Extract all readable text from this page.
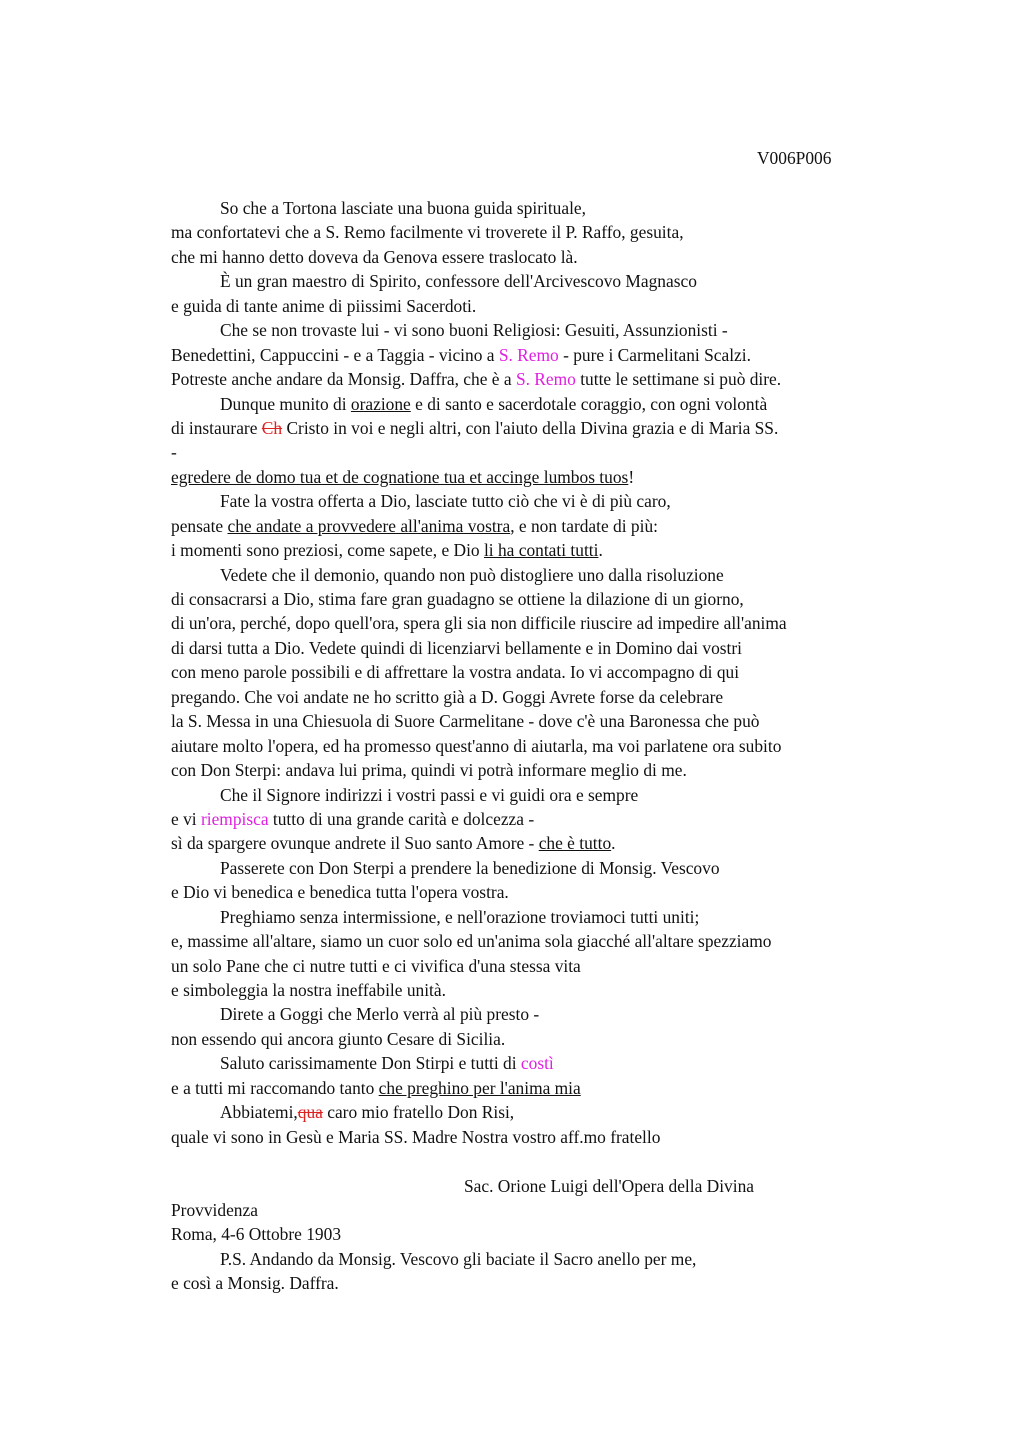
V006P006
So che a Tortona lasciate una buona guida spirituale,
ma confortatevi che a S. Remo facilmente vi troverete il P. Raffo, gesuita,
che mi hanno detto doveva da Genova essere traslocato là.
È un gran maestro di Spirito, confessore dell'Arcivescovo Magnasco
e guida di tante anime di piissimi Sacerdoti.
Che se non trovaste lui - vi sono buoni Religiosi: Gesuiti, Assunzionisti -
Benedettini, Cappuccini - e a Taggia - vicino a S. Remo - pure i Carmelitani Scalzi.
Potreste anche andare da Monsig. Daffra, che è a S. Remo tutte le settimane si può dire.
Dunque munito di orazione e di santo e sacerdotale coraggio, con ogni volontà
di instaurare Ch Cristo in voi e negli altri, con l'aiuto della Divina grazia e di Maria SS.
-
egredere de domo tua et de cognatione tua et accinge lumbos tuos!
Fate la vostra offerta a Dio, lasciate tutto ciò che vi è di più caro,
pensate che andate a provvedere all'anima vostra, e non tardate di più:
i momenti sono preziosi, come sapete, e Dio li ha contati tutti.
Vedete che il demonio, quando non può distogliere uno dalla risoluzione
di consacrarsi a Dio, stima fare gran guadagno se ottiene la dilazione di un giorno,
di un'ora, perché, dopo quell'ora, spera gli sia non difficile riuscire ad impedire all'anima
di darsi tutta a Dio. Vedete quindi di licenziarvi bellamente e in Domino dai vostri
con meno parole possibili e di affrettare la vostra andata. Io vi accompagno di qui
pregando. Che voi andate ne ho scritto già a D. Goggi Avrete forse da celebrare
la S. Messa in una Chiesuola di Suore Carmelitane - dove c'è una Baronessa che può
aiutare molto l'opera, ed ha promesso quest'anno di aiutarla, ma voi parlatene ora subito
con Don Sterpi: andava lui prima, quindi vi potrà informare meglio di me.
Che il Signore indirizzi i vostri passi e vi guidi ora e sempre
e vi riempisca tutto di una grande carità e dolcezza -
sì da spargere ovunque andrete il Suo santo Amore - che è tutto.
Passerete con Don Sterpi a prendere la benedizione di Monsig. Vescovo
e Dio vi benedica e benedica tutta l'opera vostra.
Preghiamo senza intermissione, e nell'orazione troviamoci tutti uniti;
e, massime all'altare, siamo un cuor solo ed un'anima sola giacché all'altare spezziamo
un solo Pane che ci nutre tutti e ci vivifica d'una stessa vita
e simboleggia la nostra ineffabile unità.
Direte a Goggi che Merlo verrà al più presto -
non essendo qui ancora giunto Cesare di Sicilia.
Saluto carissimamente Don Stirpi e tutti di costì
e a tutti mi raccomando tanto che preghino per l'anima mia
Abbiatemi,qua caro mio fratello Don Risi,
quale vi sono in Gesù e Maria SS. Madre Nostra vostro aff.mo fratello
Sac. Orione Luigi dell'Opera della Divina
Provvidenza
Roma, 4-6 Ottobre 1903
P.S. Andando da Monsig. Vescovo gli baciate il Sacro anello per me,
e così a Monsig. Daffra.
